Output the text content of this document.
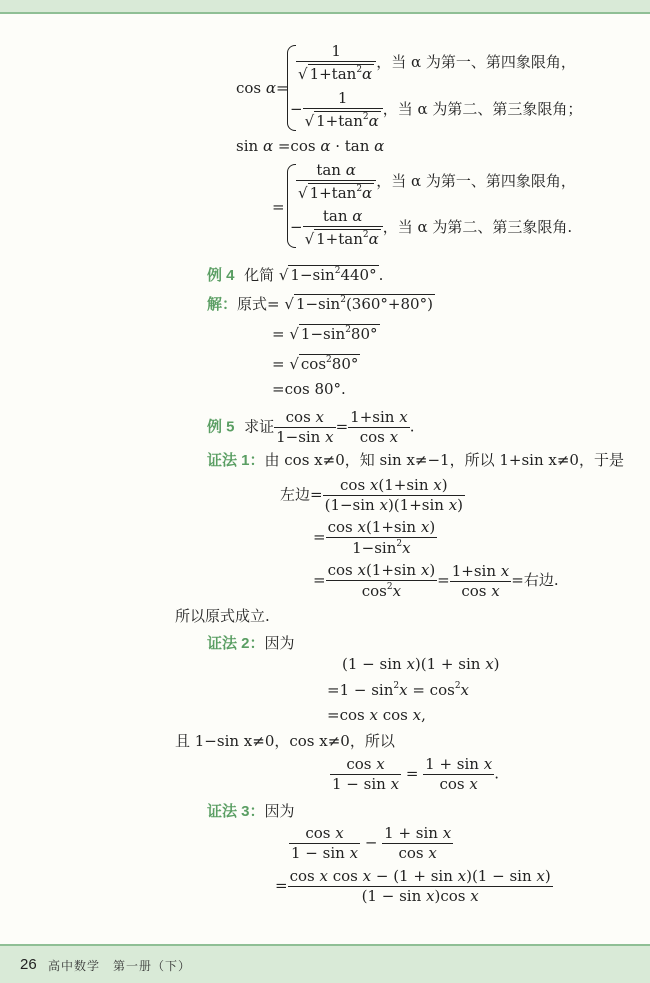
cos α=
$\frac{1}{√ 1+\tan^2\alpha}$ ，当 α 为第一、第四象限角，
− $\frac{1}{√ 1+\tan^2\alpha}$ ，当 α 为第二、第三象限角；
sin α =cos α · tan α
=
$\frac{\text{tan α}}{√ 1+\tan^2\alpha}$ ，当 α 为第一、第四象限角，
− $\frac{\text{tan α}}{√ 1+\tan^2\alpha}$ ，当 α 为第二、第三象限角.
例 4 化简 √ $1-\sin^2440^\circ$ .
解：原式= √ $1-\sin^2(360^\circ+80^\circ)$
= √ $1-\sin^280^\circ$
= √ $\cos^280^\circ$
=cos 80°.
例 5 求证 $\frac{\text{cos x}}{\text{1−sin x}} = \frac{\text{1+sin x}}{\text{cos x}}$ .
证法 1：由 cos x≠0，知 sin x≠−1，所以 1+sin x≠0，于是
左边= $\frac{\text{cos x(1+sin x)}}{\text{(1−sin x)(1+sin x)}}$
= $\frac{\text{cos x(1+sin x)}}{1-\sin^2x}$
= $\frac{\text{cos x(1+sin x)}}{\cos^2x} = \frac{\text{1+sin x}}{\text{cos x}}$ =右边.
所以原式成立.
证法 2：因为
(1 − sin x)(1 + sin x)
$=1 - \sin^2x = \cos^2x$
=cos x cos x,
且 1−sin x≠0，cos x≠0，所以
$\frac{\text{cos x}}{\text{1 − sin x}} = \frac{\text{1 + sin x}}{\text{cos x}}$ .
证法 3：因为
$\frac{\text{cos x}}{\text{1 − sin x}} - \frac{\text{1 + sin x}}{\text{cos x}}$
= $\frac{\text{cos x cos x − (1 + sin x)(1 − sin x)}}{\text{(1 − sin x)cos x}}$
26 高中数学　第一册（下）
